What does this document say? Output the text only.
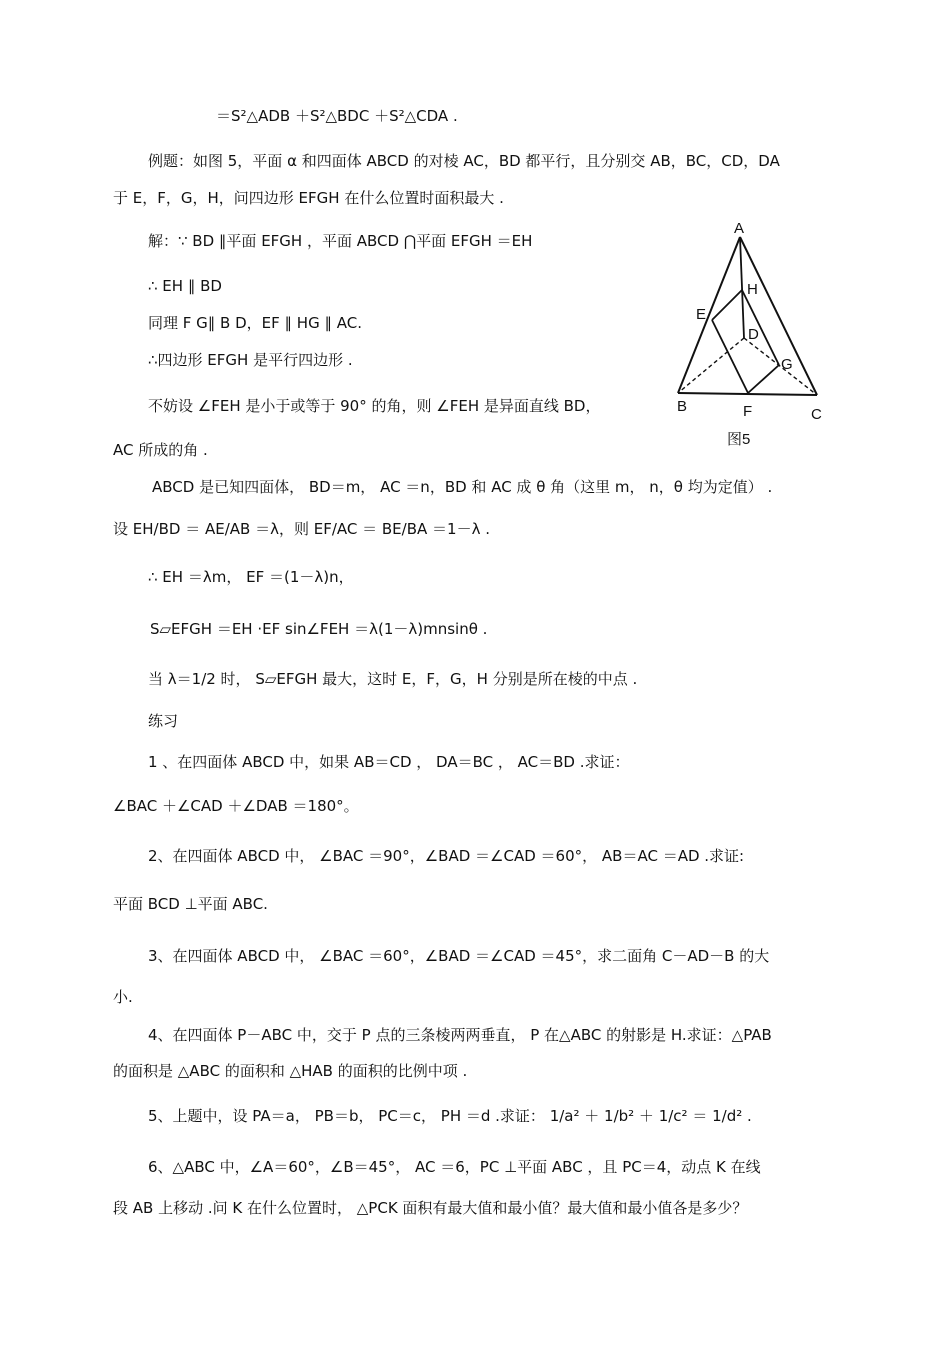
＝S²△ADB ＋S²△BDC ＋S²△CDA .
例题：如图 5，平面 α 和四面体 ABCD 的对棱 AC，BD 都平行，且分别交 AB，BC，CD，DA
于 E，F，G，H，问四边形 EFGH 在什么位置时面积最大 .
解：∵ BD ∥平面 EFGH ，平面 ABCD ⋂平面 EFGH ＝EH
∴ EH ∥ BD
同理 F G∥ B D，EF ∥ HG ∥ AC.
∴四边形 EFGH 是平行四边形 .
不妨设 ∠FEH 是小于或等于 90° 的角，则 ∠FEH 是异面直线 BD，
AC 所成的角 .
ABCD 是已知四面体， BD＝m， AC ＝n，BD 和 AC 成 θ 角（这里 m， n，θ 均为定值） .
设 EH/BD ＝ AE/AB ＝λ，则 EF/AC ＝ BE/BA ＝1－λ .
∴ EH ＝λm， EF ＝(1－λ)n，
S▱EFGH ＝EH ·EF sin∠FEH ＝λ(1－λ)mnsinθ .
当 λ＝1/2 时， S▱EFGH 最大，这时 E，F，G，H 分别是所在棱的中点 .
练习
1 、在四面体 ABCD 中，如果 AB＝CD ， DA＝BC ， AC＝BD .求证：
∠BAC ＋∠CAD ＋∠DAB ＝180°。
2、在四面体 ABCD 中， ∠BAC ＝90°，∠BAD ＝∠CAD ＝60°， AB＝AC ＝AD .求证:
平面 BCD ⊥平面 ABC.
3、在四面体 ABCD 中， ∠BAC ＝60°，∠BAD ＝∠CAD ＝45°，求二面角 C－AD－B 的大
小.
4、在四面体 P－ABC 中，交于 P 点的三条棱两两垂直， P 在△ABC 的射影是 H.求证：△PAB
的面积是 △ABC 的面积和 △HAB 的面积的比例中项 .
5、上题中，设 PA＝a， PB＝b， PC＝c， PH ＝d .求证： 1/a² ＋ 1/b² ＋ 1/c² ＝ 1/d² .
6、△ABC 中，∠A＝60°，∠B＝45°， AC ＝6，PC ⊥平面 ABC ，且 PC＝4，动点 K 在线
段 AB 上移动 .问 K 在什么位置时， △PCK 面积有最大值和最小值？最大值和最小值各是多少？
A
E
H
D
G
B	F	C
图5
